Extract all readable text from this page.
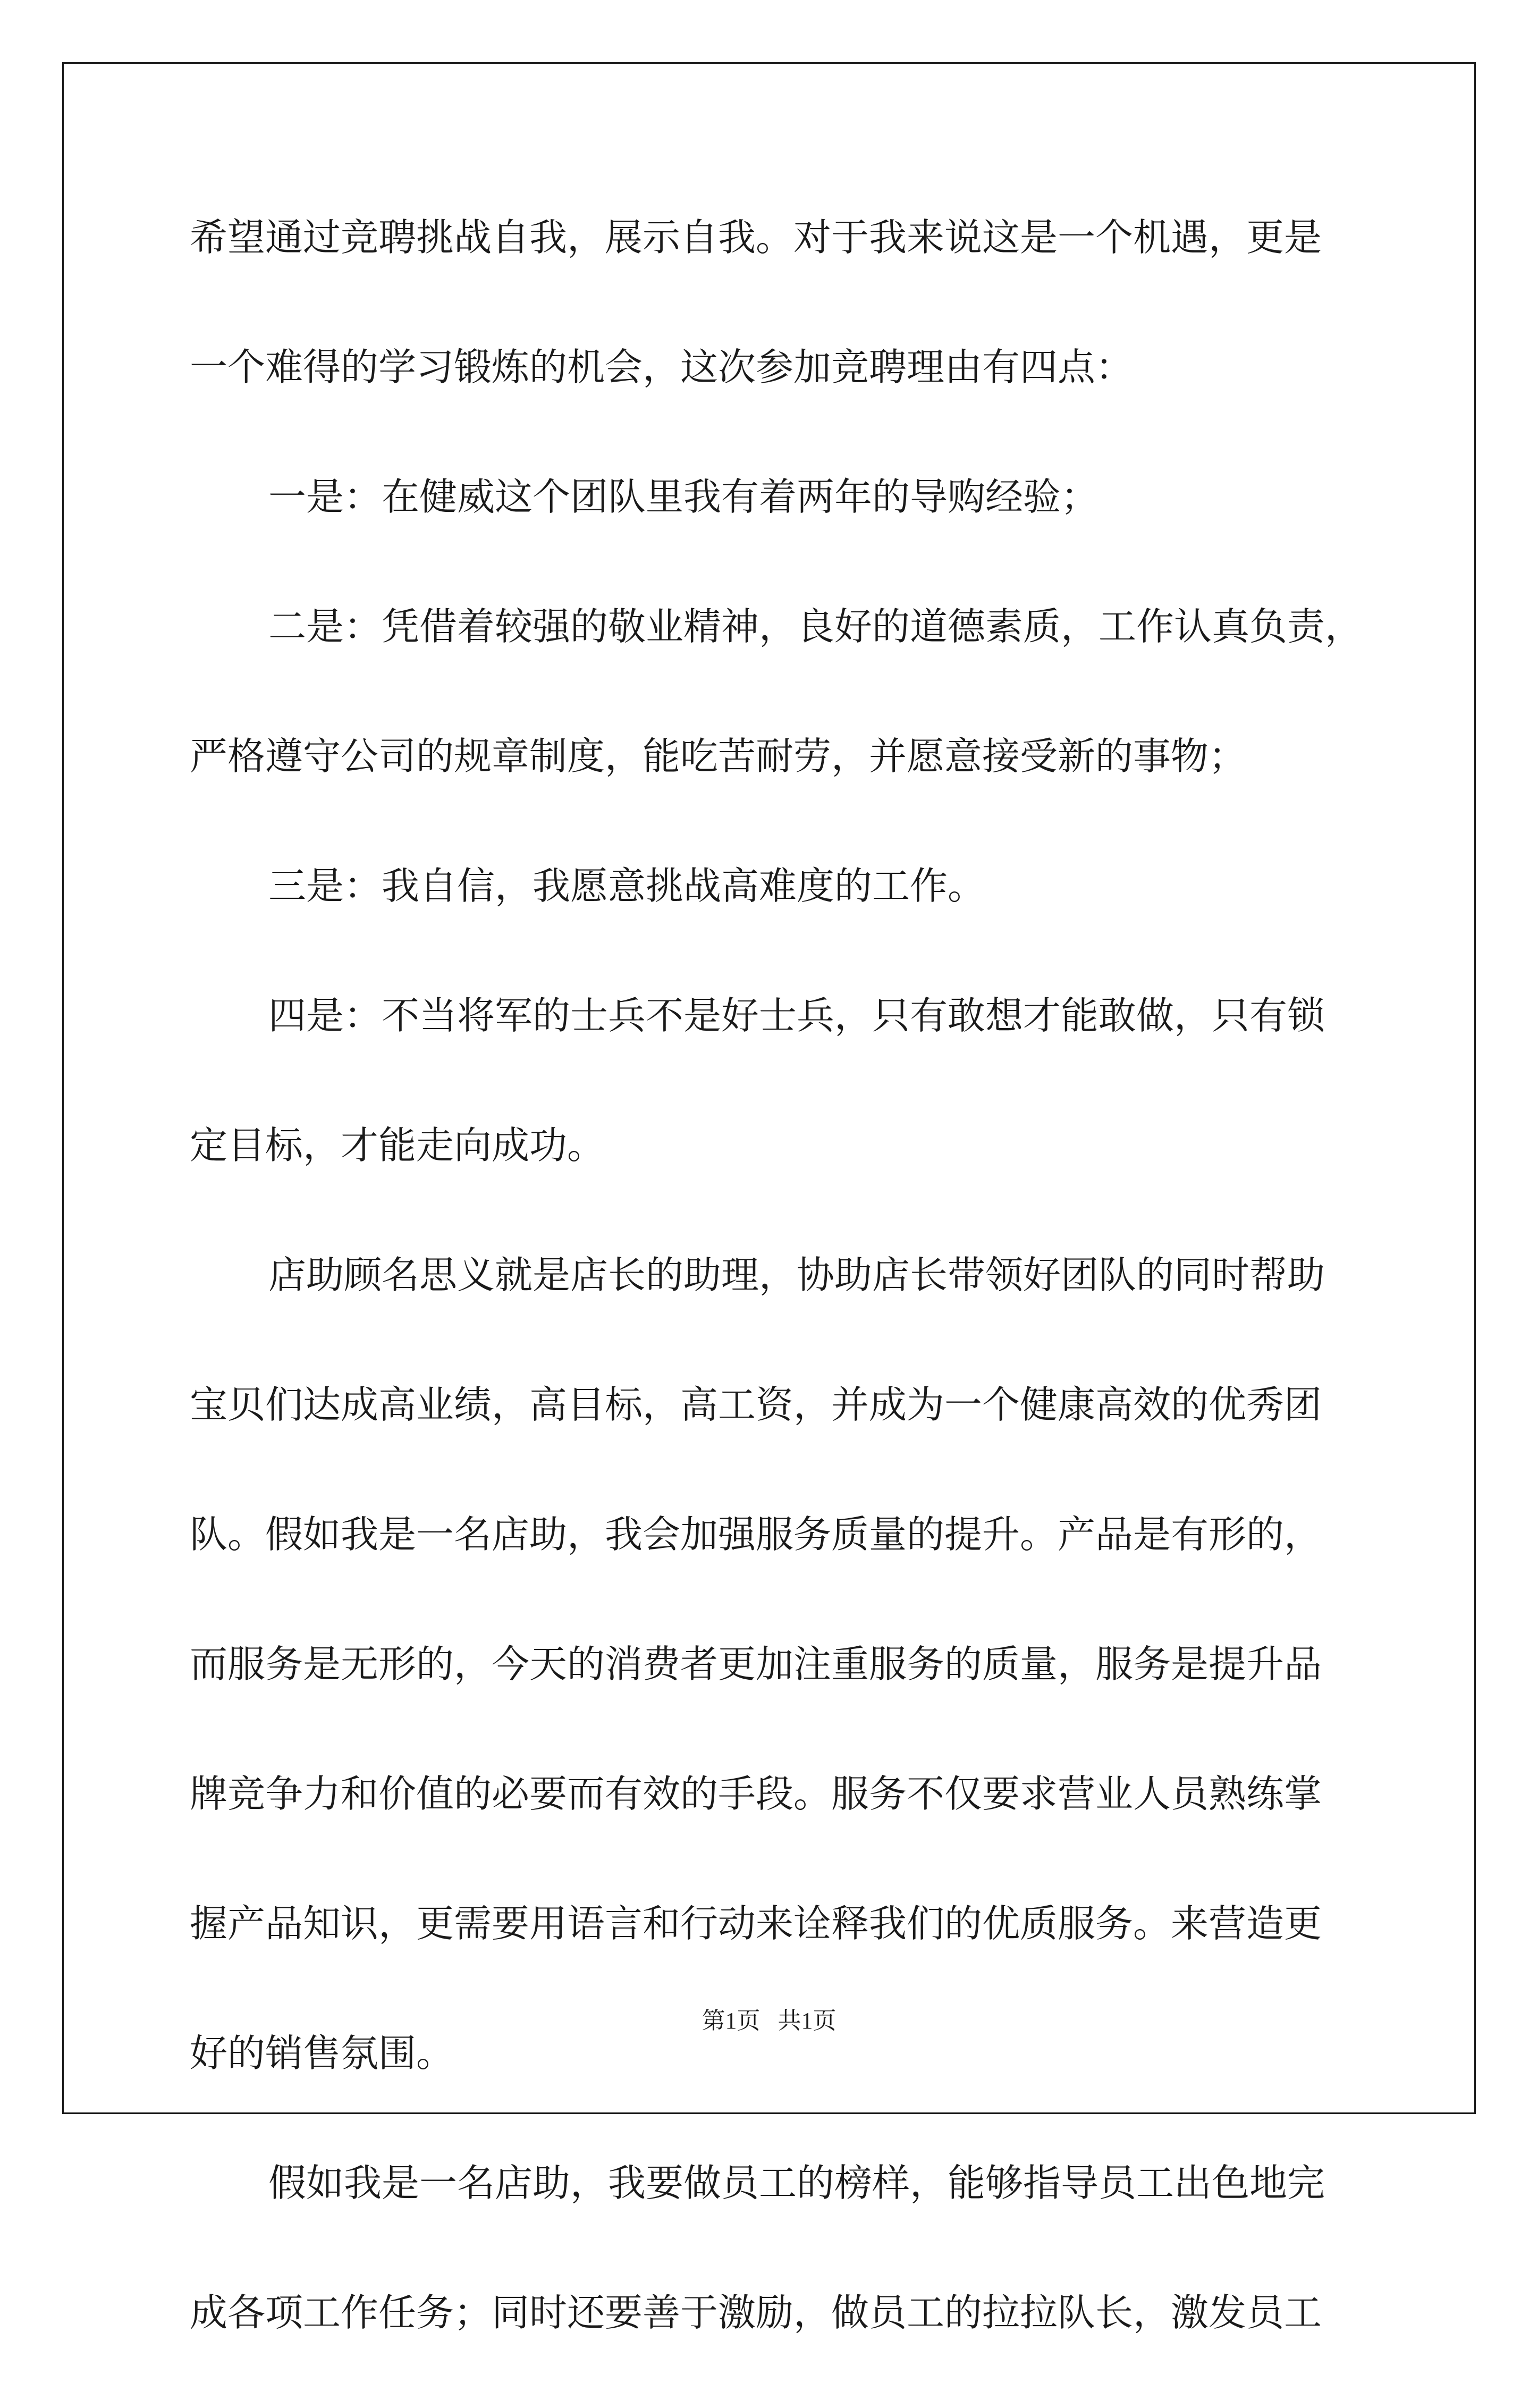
希望通过竞聘挑战自我，展示自我。对于我来说这是一个机遇，更是
一个难得的学习锻炼的机会，这次参加竞聘理由有四点：
一是：在健威这个团队里我有着两年的导购经验；
二是：凭借着较强的敬业精神，良好的道德素质，工作认真负责，
严格遵守公司的规章制度，能吃苦耐劳，并愿意接受新的事物；
三是：我自信，我愿意挑战高难度的工作。
四是：不当将军的士兵不是好士兵，只有敢想才能敢做，只有锁
定目标，才能走向成功。
店助顾名思义就是店长的助理，协助店长带领好团队的同时帮助
宝贝们达成高业绩，高目标，高工资，并成为一个健康高效的优秀团
队。假如我是一名店助，我会加强服务质量的提升。产品是有形的，
而服务是无形的，今天的消费者更加注重服务的质量，服务是提升品
牌竞争力和价值的必要而有效的手段。服务不仅要求营业人员熟练掌
握产品知识，更需要用语言和行动来诠释我们的优质服务。来营造更
好的销售氛围。
假如我是一名店助，我要做员工的榜样，能够指导员工出色地完
成各项工作任务；同时还要善于激励，做员工的拉拉队长，激发员工
第1页   共1页
